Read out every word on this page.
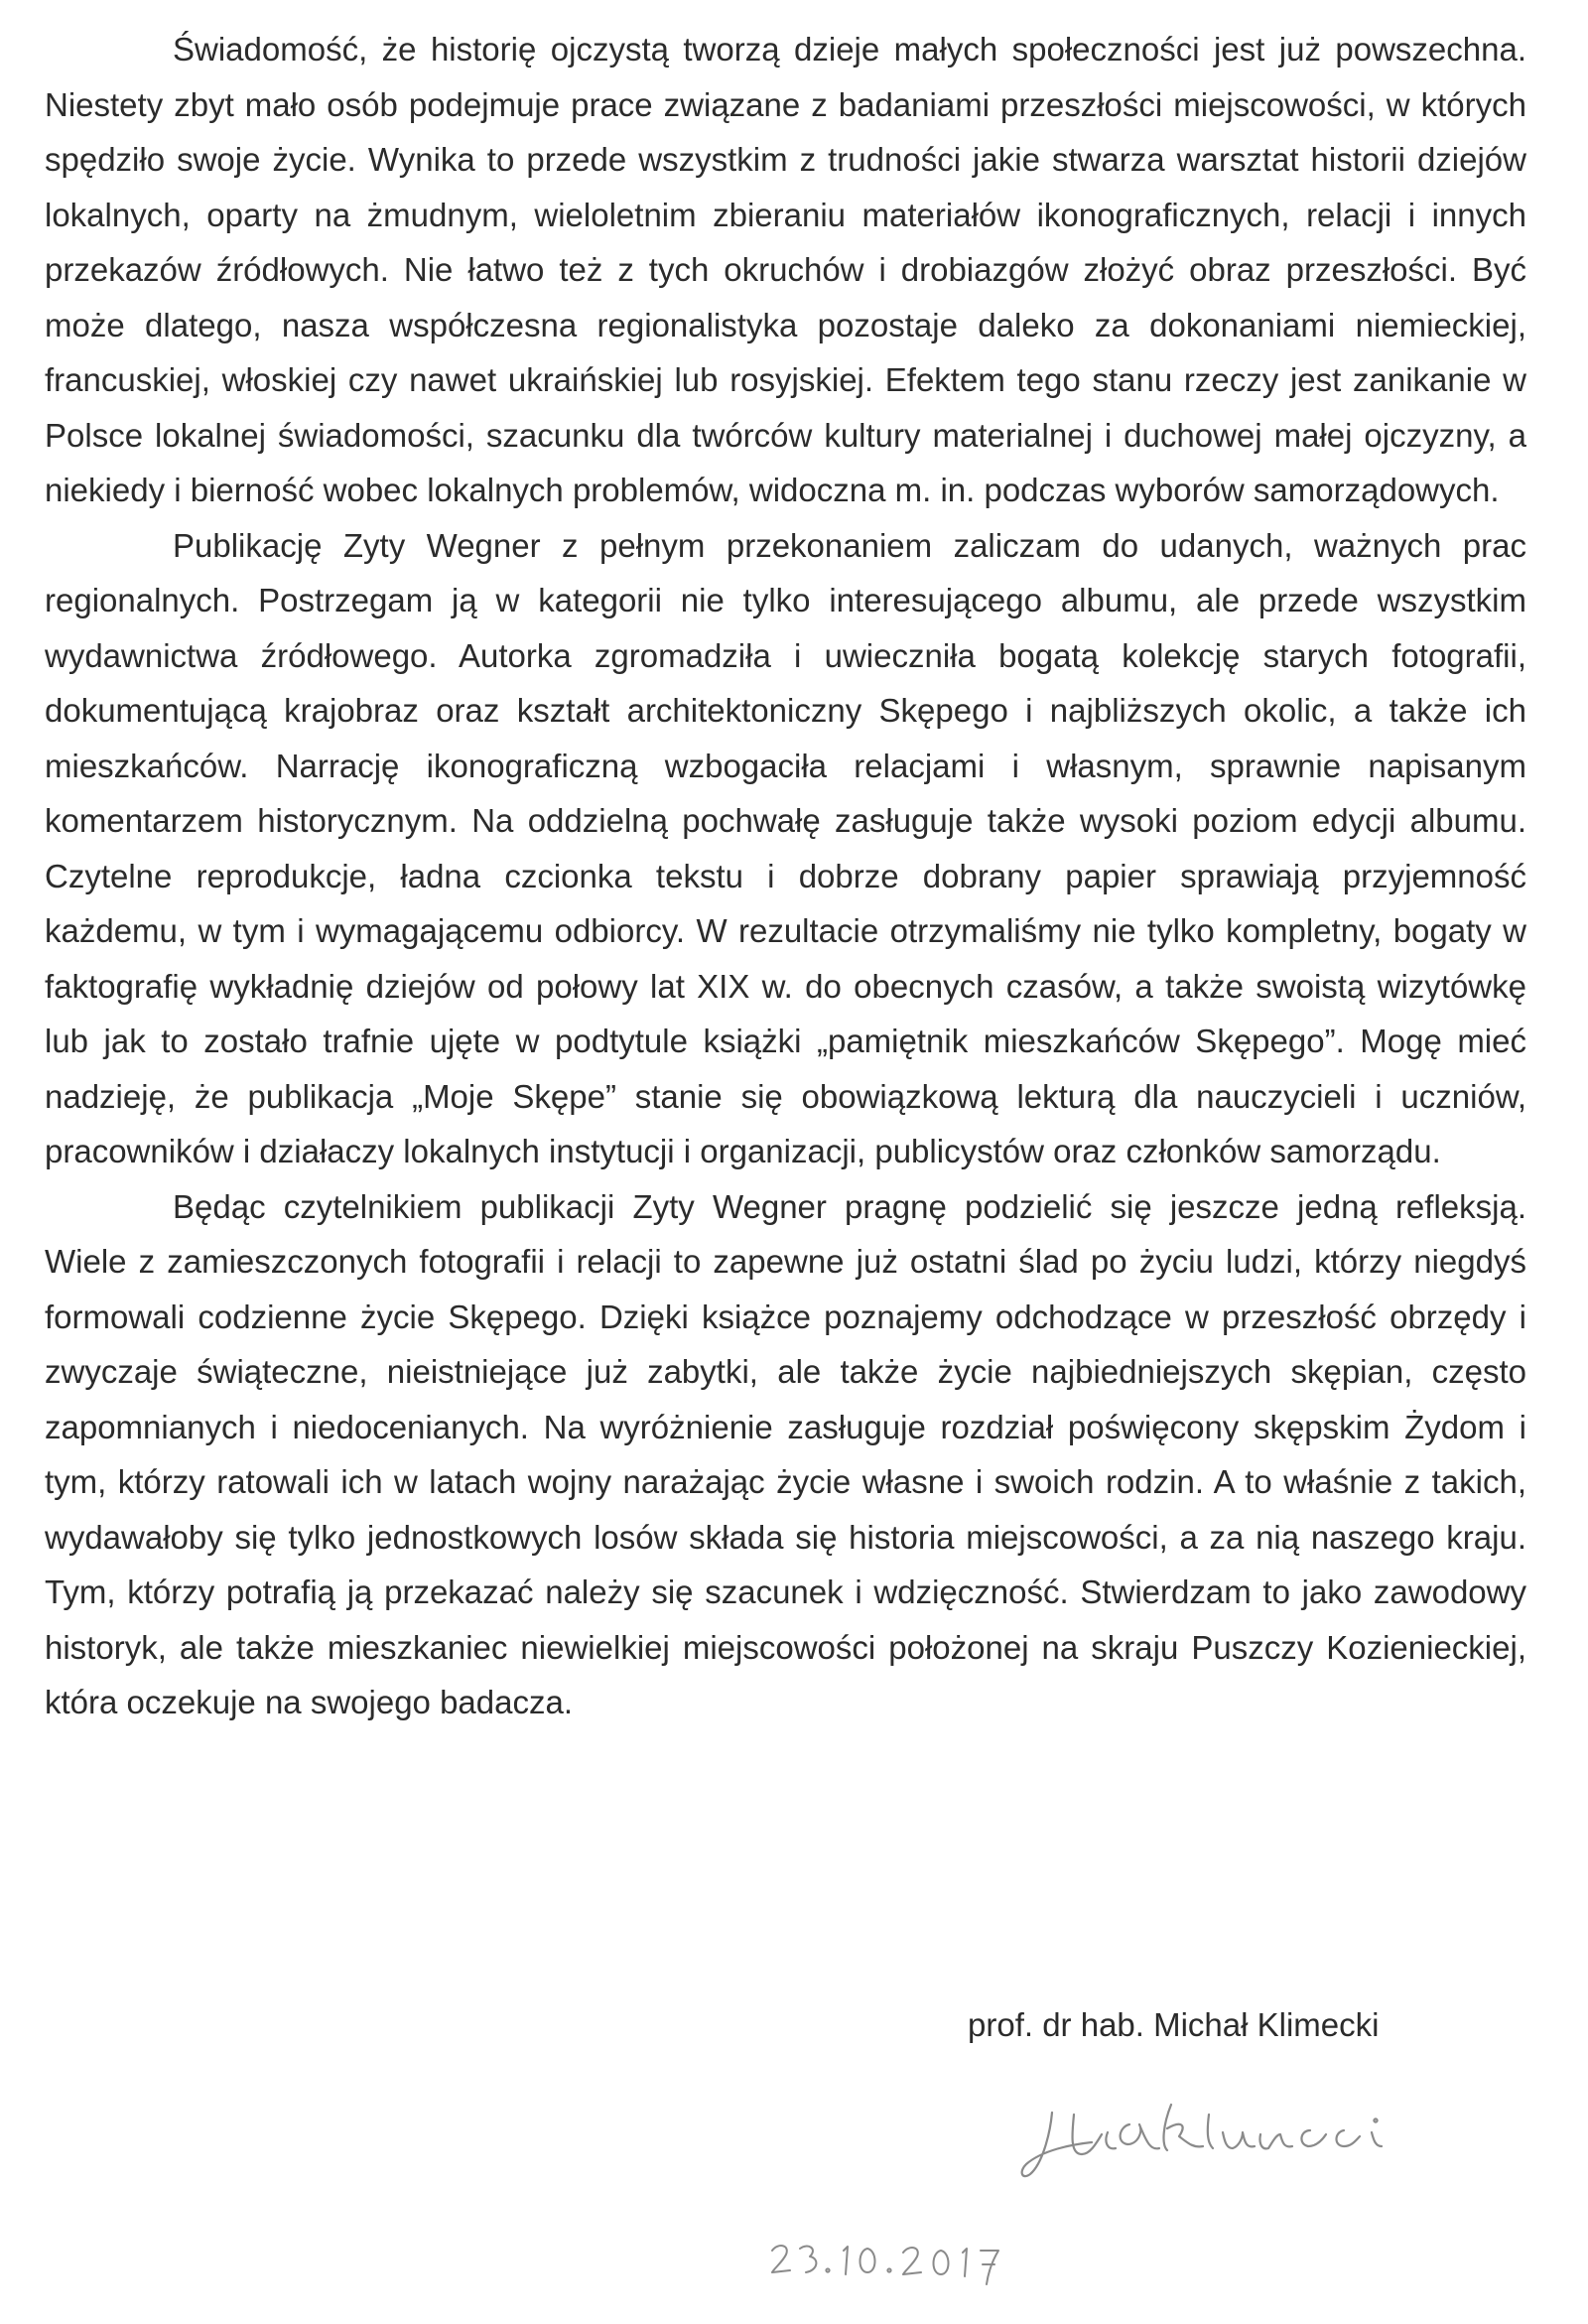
Świadomość, że historię ojczystą tworzą dzieje małych społeczności jest już powszechna. Niestety zbyt mało osób podejmuje prace związane z badaniami przeszłości miejscowości, w których spędziło swoje życie. Wynika to przede wszystkim z trudności jakie stwarza warsztat historii dziejów lokalnych, oparty na żmudnym, wieloletnim zbieraniu materiałów ikonograficznych, relacji i innych przekazów źródłowych. Nie łatwo też z tych okruchów i drobiazgów złożyć obraz przeszłości. Być może dlatego, nasza współczesna regionalistyka pozostaje daleko za dokonaniami niemieckiej, francuskiej, włoskiej czy nawet ukraińskiej lub rosyjskiej. Efektem tego stanu rzeczy jest zanikanie w Polsce lokalnej świadomości, szacunku dla twórców kultury materialnej i duchowej małej ojczyzny, a niekiedy i bierność wobec lokalnych problemów, widoczna m. in. podczas wyborów samorządowych.

Publikację Zyty Wegner z pełnym przekonaniem zaliczam do udanych, ważnych prac regionalnych. Postrzegam ją w kategorii nie tylko interesującego albumu, ale przede wszystkim wydawnictwa źródłowego. Autorka zgromadziła i uwieczniła bogatą kolekcję starych fotografii, dokumentującą krajobraz oraz kształt architektoniczny Skępego i najbliższych okolic, a także ich mieszkańców. Narrację ikonograficzną wzbogaciła relacjami i własnym, sprawnie napisanym komentarzem historycznym. Na oddzielną pochwałę zasługuje także wysoki poziom edycji albumu. Czytelne reprodukcje, ładna czcionka tekstu i dobrze dobrany papier sprawiają przyjemność każdemu, w tym i wymagającemu odbiorcy. W rezultacie otrzymaliśmy nie tylko kompletny, bogaty w faktografię wykładnię dziejów od połowy lat XIX w. do obecnych czasów, a także swoistą wizytówkę lub jak to zostało trafnie ujęte w podtytule książki „pamiętnik mieszkańców Skępego”. Mogę mieć nadzieję, że publikacja „Moje Skępe” stanie się obowiązkową lekturą dla nauczycieli i uczniów, pracowników i działaczy lokalnych instytucji i organizacji, publicystów oraz członków samorządu.

Będąc czytelnikiem publikacji Zyty Wegner pragnę podzielić się jeszcze jedną refleksją. Wiele z zamieszczonych fotografii i relacji to zapewne już ostatni ślad po życiu ludzi, którzy niegdyś formowali codzienne życie Skępego. Dzięki książce poznajemy odchodzące w przeszłość obrzędy i zwyczaje świąteczne, nieistniejące już zabytki, ale także życie najbiedniejszych skępian, często zapomnianych i niedocenianych. Na wyróżnienie zasługuje rozdział poświęcony skępskim Żydom i tym, którzy ratowali ich w latach wojny narażając życie własne i swoich rodzin. A to właśnie z takich, wydawałoby się tylko jednostkowych losów składa się historia miejscowości, a za nią naszego kraju. Tym, którzy potrafią ją przekazać należy się szacunek i wdzięczność. Stwierdzam to jako zawodowy historyk, ale także mieszkaniec niewielkiej miejscowości położonej na skraju Puszczy Kozienieckiej, która oczekuje na swojego badacza.

prof. dr hab. Michał Klimecki
